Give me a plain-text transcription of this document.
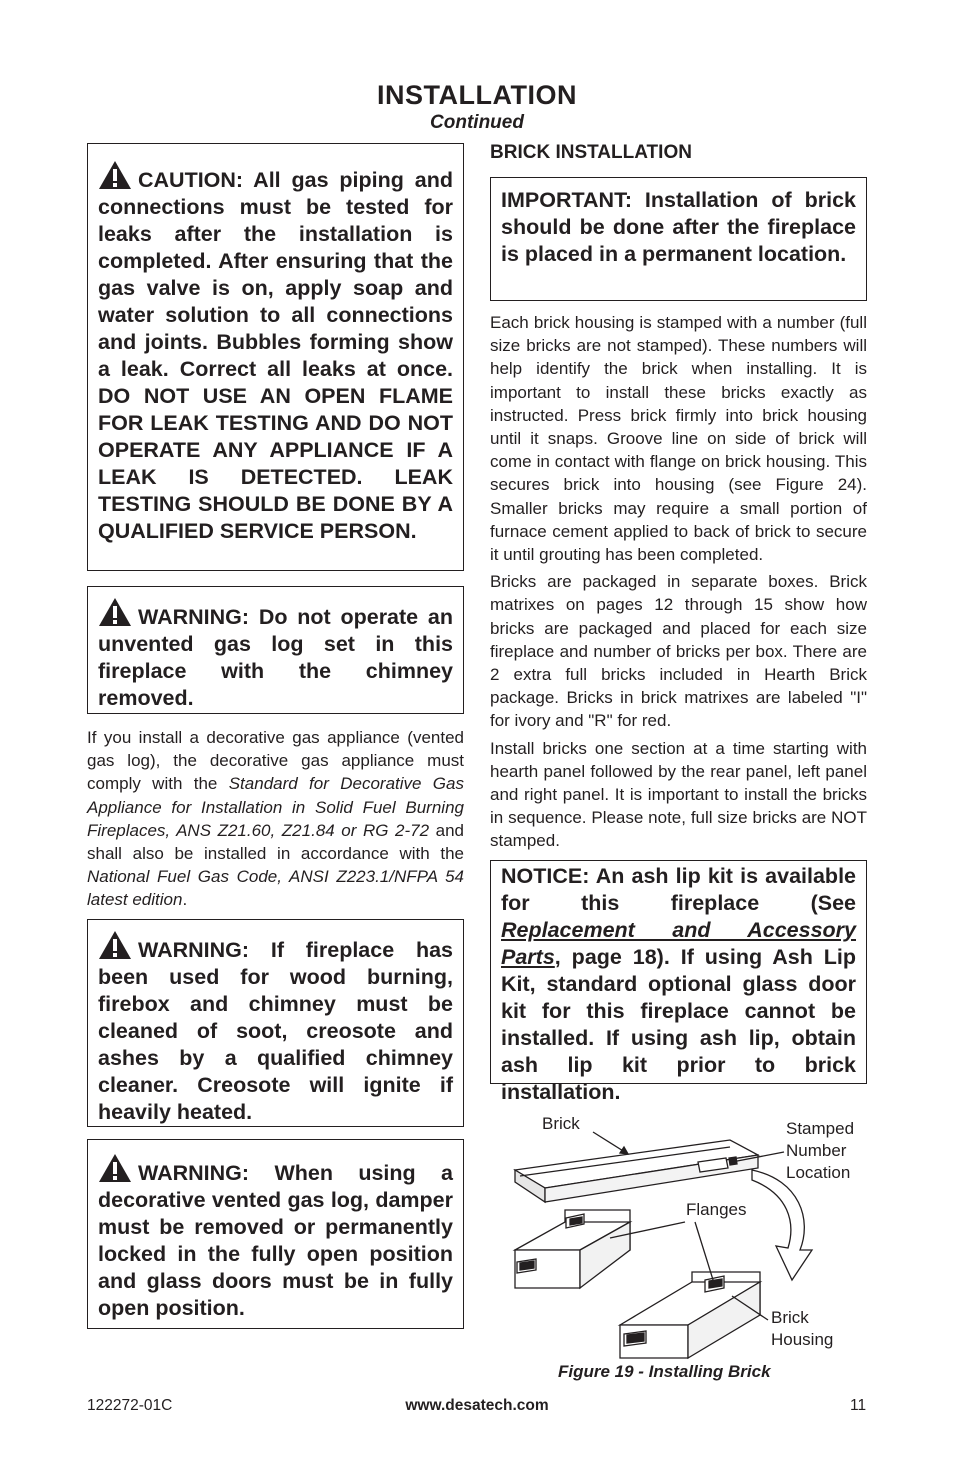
INSTALLATION
Continued
CAUTION: All gas piping and connections must be tested for leaks after the installation is completed. After ensuring that the gas valve is on, apply soap and water solution to all connections and joints. Bubbles forming show a leak. Correct all leaks at once. DO NOT USE AN OPEN FLAME FOR LEAK TESTING AND DO NOT OPERATE ANY APPLIANCE IF A LEAK IS DETECTED. LEAK TESTING SHOULD BE DONE BY A QUALIFIED SERVICE PERSON.
WARNING: Do not operate an unvented gas log set in this fireplace with the chimney removed.
If you install a decorative gas appliance (vented gas log), the decorative gas appliance must comply with the Standard for Decorative Gas Appliance for Installation in Solid Fuel Burning Fireplaces, ANS Z21.60, Z21.84 or RG 2-72 and shall also be installed in accordance with the National Fuel Gas Code, ANSI Z223.1/NFPA 54 latest edition.
WARNING: If fireplace has been used for wood burning, firebox and chimney must be cleaned of soot, creosote and ashes by a qualified chimney cleaner. Creosote will ignite if heavily heated.
WARNING: When using a decorative vented gas log, damper must be removed or permanently locked in the fully open position and glass doors must be in fully open position.
BRICK INSTALLATION
IMPORTANT: Installation of brick should be done after the fireplace is placed in a permanent location.

Each brick housing is stamped with a number (full size bricks are not stamped). These numbers will help identify the brick when installing. It is important to install these bricks exactly as instructed. Press brick firmly into brick housing until it snaps. Groove line on side of brick will come in contact with flange on brick housing. This secures brick into housing (see Figure 24). Smaller bricks may require a small portion of furnace cement applied to back of brick to secure it until grouting has been completed.

Bricks are packaged in separate boxes. Brick matrixes on pages 12 through 15 show how bricks are packaged and placed for each size fireplace and number of bricks per box. There are 2 extra full bricks included in Hearth Brick package. Bricks in brick matrixes are labeled "I" for ivory and "R" for red.

Install bricks one section at a time starting with hearth panel followed by the rear panel, left panel and right panel. It is important to install the bricks in sequence. Please note, full size bricks are NOT stamped.

NOTICE: An ash lip kit is available for this fireplace (See Replacement and Accessory Parts, page 18). If using Ash Lip Kit, standard optional glass door kit for this fireplace cannot be installed. If using ash lip, obtain ash lip kit prior to brick installation.
Brick	Stamped
Number
Location
Flanges
Brick
Housing
Figure 19 - Installing Brick
122272-01C	www.desatech.com	11
